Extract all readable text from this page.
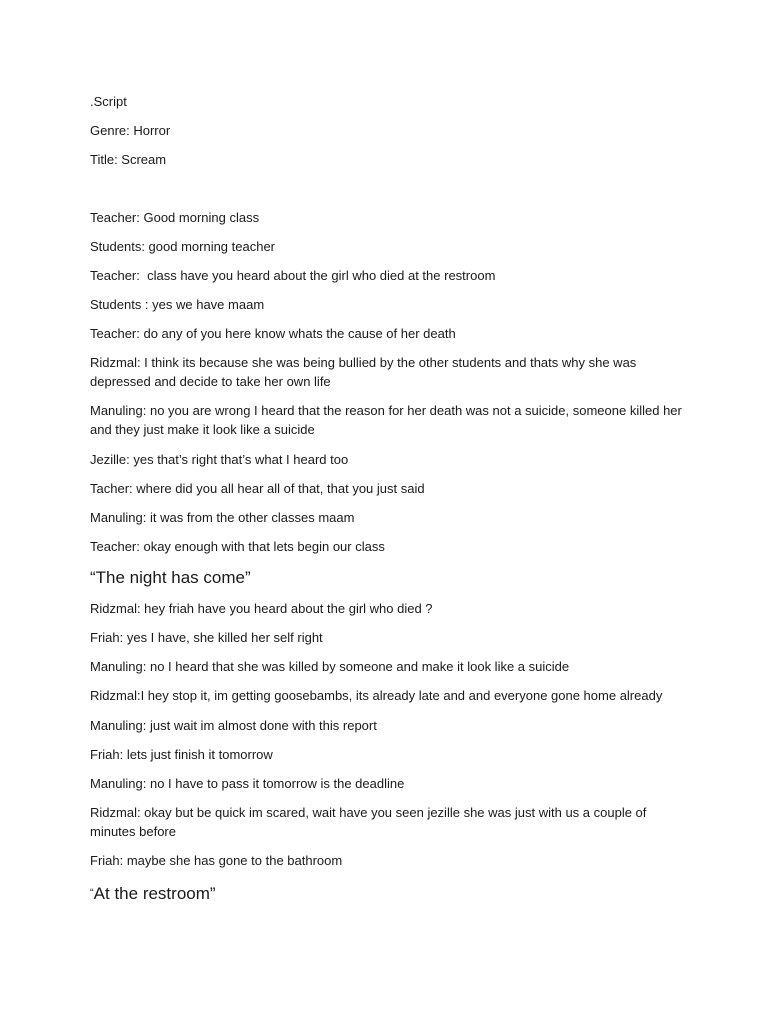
.Script
Genre: Horror
Title: Scream
Teacher: Good morning class
Students: good morning teacher
Teacher:  class have you heard about the girl who died at the restroom
Students : yes we have maam
Teacher: do any of you here know whats the cause of her death
Ridzmal: I think its because she was being bullied by the other students and thats why she was depressed and decide to take her own life
Manuling: no you are wrong I heard that the reason for her death was not a suicide, someone killed her and they just make it look like a suicide
Jezille: yes that’s right that’s what I heard too
Tacher: where did you all hear all of that, that you just said
Manuling: it was from the other classes maam
Teacher: okay enough with that lets begin our class
“The night has come”
Ridzmal: hey friah have you heard about the girl who died ?
Friah: yes I have, she killed her self right
Manuling: no I heard that she was killed by someone and make it look like a suicide
Ridzmal:I hey stop it, im getting goosebambs, its already late and and everyone gone home already
Manuling: just wait im almost done with this report
Friah: lets just finish it tomorrow
Manuling: no I have to pass it tomorrow is the deadline
Ridzmal: okay but be quick im scared, wait have you seen jezille she was just with us a couple of minutes before
Friah: maybe she has gone to the bathroom
“At the restroom”
